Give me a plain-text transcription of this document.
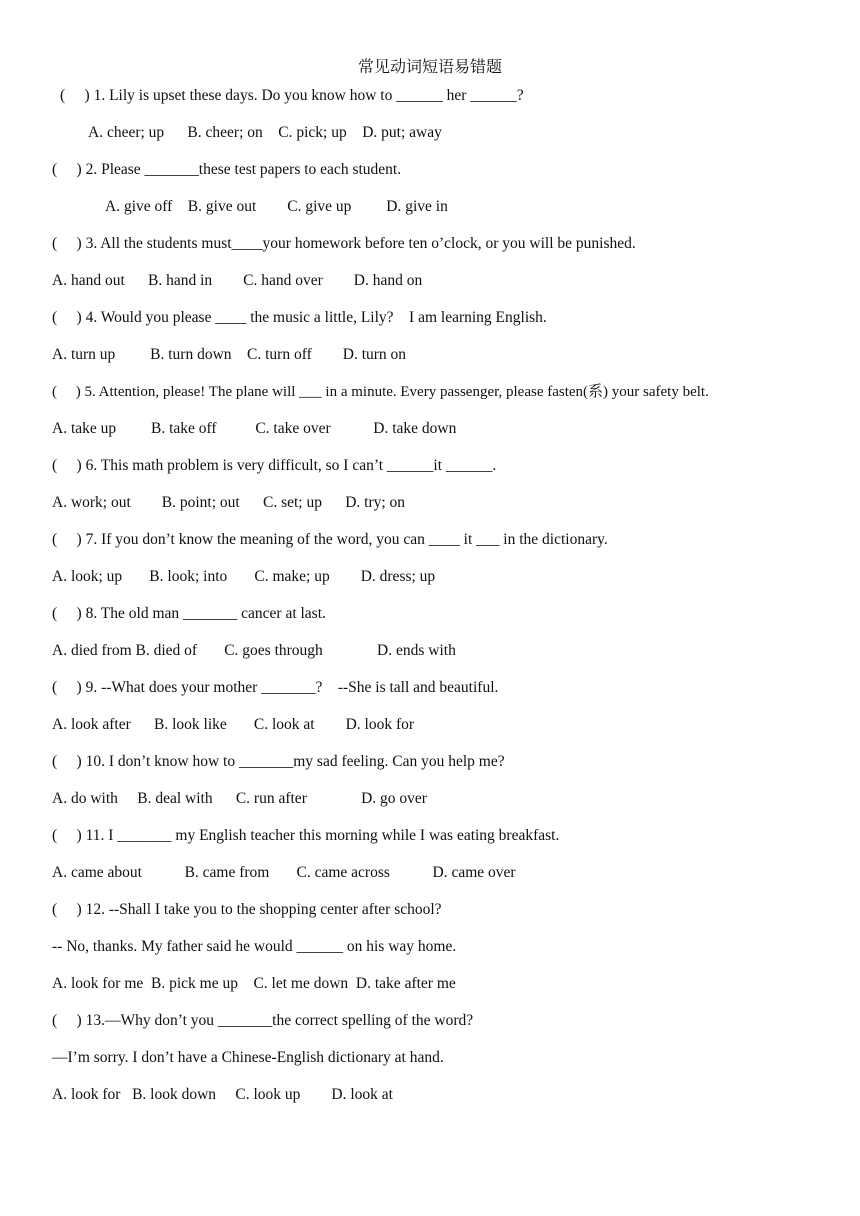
常见动词短语易错题
(     ) 1. Lily is upset these days. Do you know how to ______ her ______?
A. cheer; up      B. cheer; on    C. pick; up    D. put; away
(     ) 2. Please _______these test papers to each student.
A. give off    B. give out        C. give up         D. give in
(     ) 3. All the students must____your homework before ten o’clock, or you will be punished.
A. hand out      B. hand in        C. hand over        D. hand on
(     ) 4. Would you please ____ the music a little, Lily?    I am learning English.
A. turn up         B. turn down    C. turn off        D. turn on
(     ) 5. Attention, please! The plane will ___ in a minute. Every passenger, please fasten(系) your safety belt.
A. take up         B. take off          C. take over           D. take down
(     ) 6. This math problem is very difficult, so I can’t ______it ______.
A. work; out        B. point; out      C. set; up      D. try; on
(     ) 7. If you don’t know the meaning of the word, you can ____ it ___ in the dictionary.
A. look; up       B. look; into       C. make; up        D. dress; up
(     ) 8. The old man _______ cancer at last.
A. died from B. died of       C. goes through              D. ends with
(     ) 9. --What does your mother _______?    --She is tall and beautiful.
A. look after      B. look like       C. look at        D. look for
(     ) 10. I don’t know how to _______my sad feeling. Can you help me?
A. do with     B. deal with      C. run after              D. go over
(     ) 11. I _______ my English teacher this morning while I was eating breakfast.
A. came about           B. came from       C. came across           D. came over
(     ) 12. --Shall I take you to the shopping center after school?
-- No, thanks. My father said he would ______ on his way home.
A. look for me  B. pick me up    C. let me down  D. take after me
(     ) 13.—Why don’t you _______the correct spelling of the word?
—I’m sorry. I don’t have a Chinese-English dictionary at hand.
A. look for   B. look down     C. look up        D. look at
